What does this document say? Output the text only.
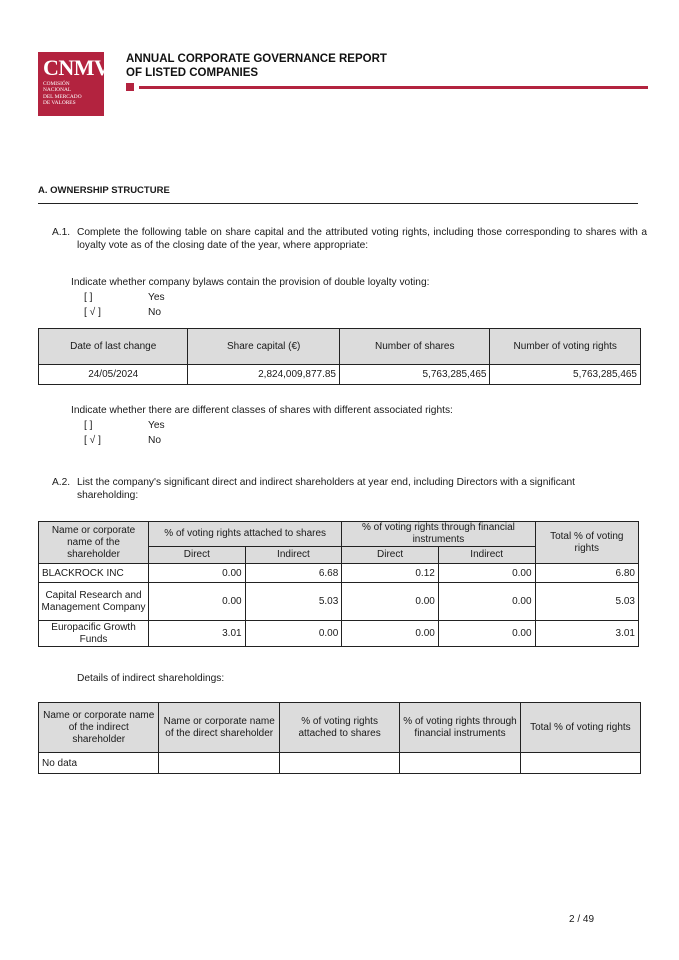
CNMV
COMISIÓN
NACIONAL
DEL MERCADO
DE VALORES
ANNUAL CORPORATE GOVERNANCE REPORT
OF LISTED COMPANIES
A. OWNERSHIP STRUCTURE
A.1. Complete the following table on share capital and the attributed voting rights, including those corresponding to shares with a loyalty vote as of the closing date of the year, where appropriate:
Indicate whether company bylaws contain the provision of double loyalty voting:
[ ]	Yes
[ √ ]	No
Date of last change	Share capital (€)	Number of shares	Number of voting rights
24/05/2024	2,824,009,877.85	5,763,285,465	5,763,285,465
Indicate whether there are different classes of shares with different associated rights:
[ ]	Yes
[ √ ]	No
A.2. List the company's significant direct and indirect shareholders at year end, including Directors with a significant shareholding:
Name or corporate name of the shareholder	% of voting rights attached to shares		% of voting rights through financial instruments		Total % of voting rights
	Direct	Indirect	Direct	Indirect	
BLACKROCK INC	0.00	6.68	0.12	0.00	6.80
Capital Research and Management Company	0.00	5.03	0.00	0.00	5.03
Europacific Growth Funds	3.01	0.00	0.00	0.00	3.01
Details of indirect shareholdings:
Name or corporate name of the indirect shareholder	Name or corporate name of the direct shareholder	% of voting rights attached to shares	% of voting rights through financial instruments	Total % of voting rights
No data				
2 / 49
